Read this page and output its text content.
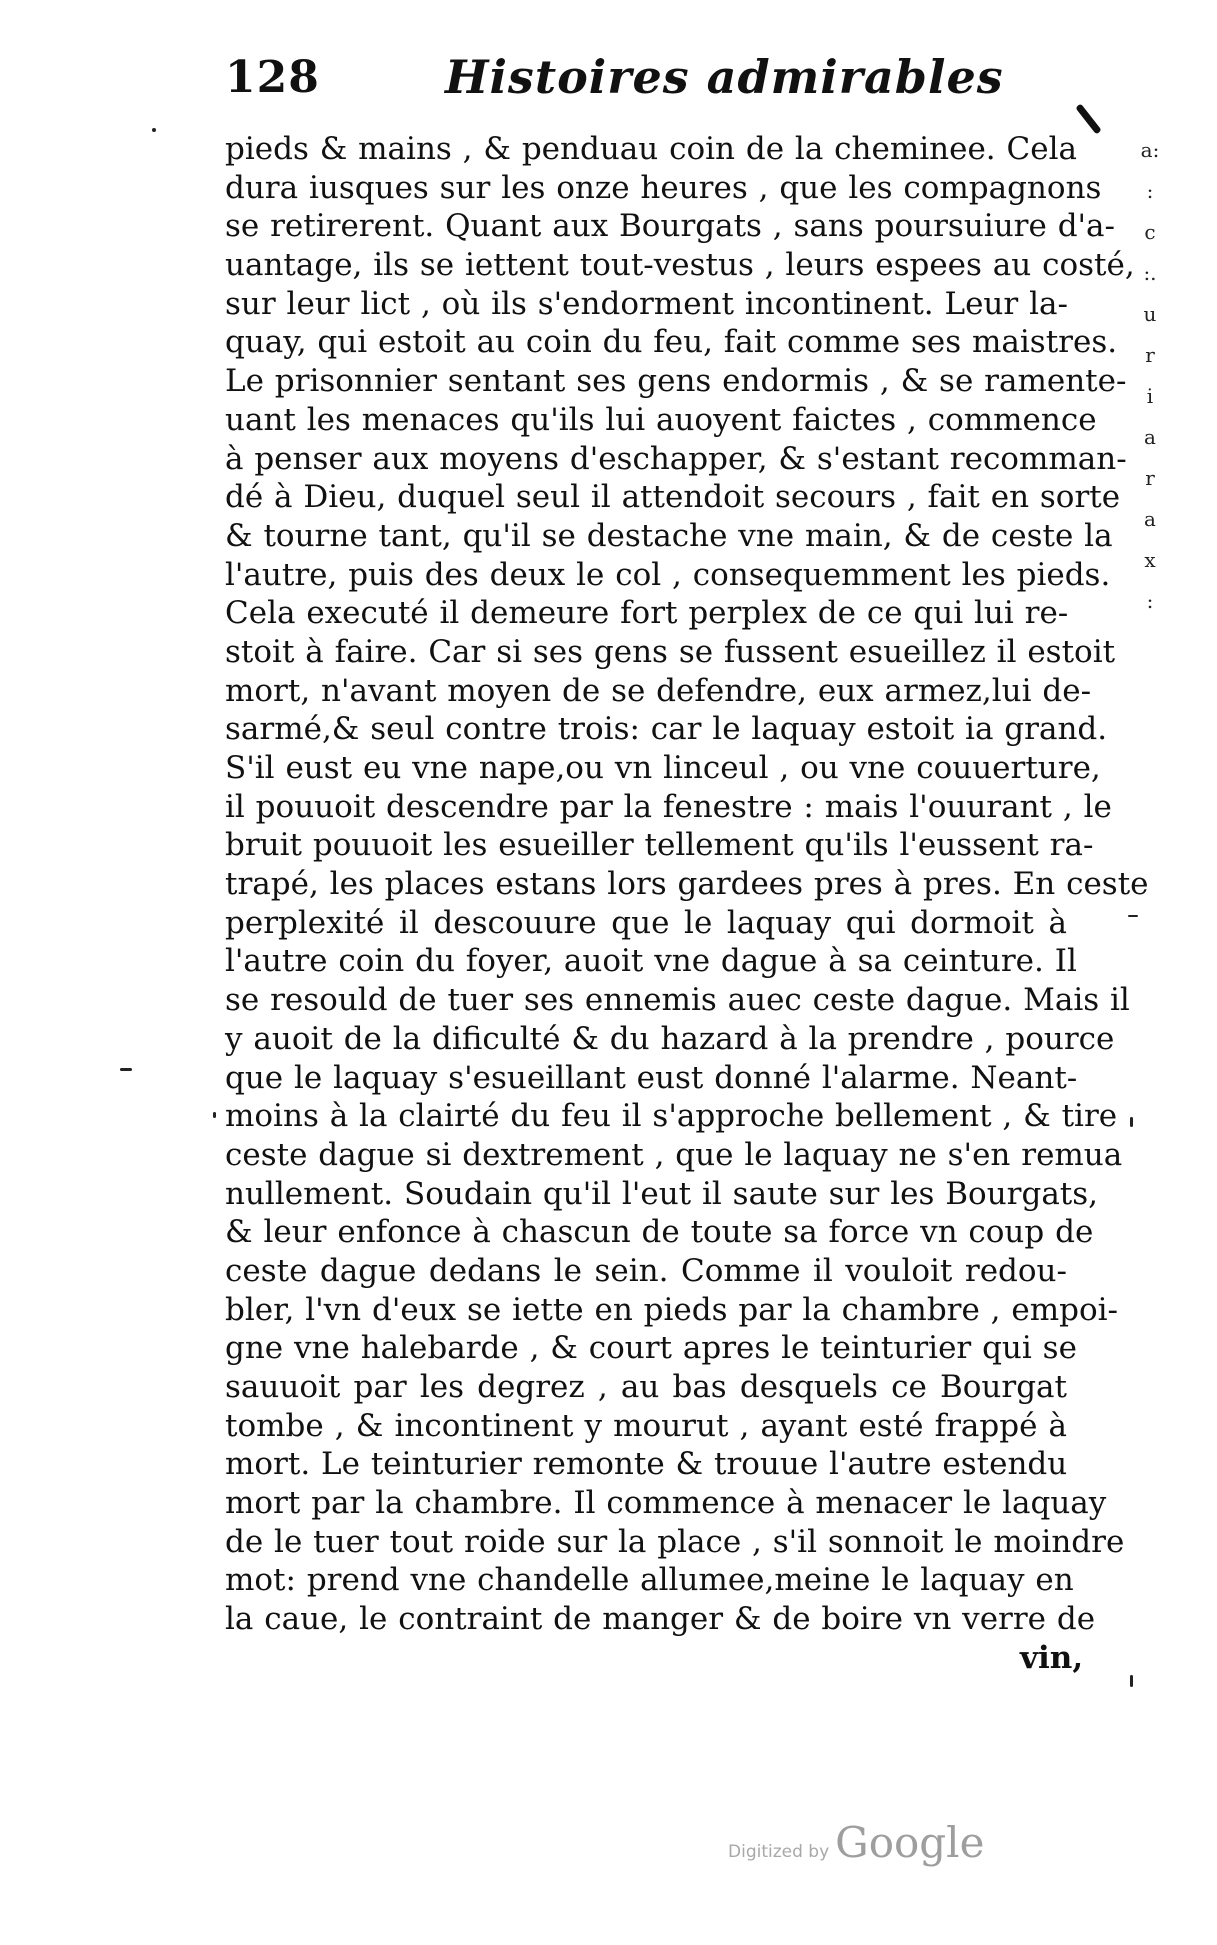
128	Histoires admirables
pieds & mains , & penduau coin de la cheminee. Cela
dura iusques sur les onze heures , que les compagnons
se retirerent. Quant aux Bourgats , sans poursuiure d'a-
uantage, ils se iettent tout-vestus , leurs espees au costé,
sur leur lict , où ils s'endorment incontinent. Leur la-
quay, qui estoit au coin du feu, fait comme ses maistres.
Le prisonnier sentant ses gens endormis , & se ramente-
uant les menaces qu'ils lui auoyent faictes , commence
à penser aux moyens d'eschapper, & s'estant recomman-
dé à Dieu, duquel seul il attendoit secours , fait en sorte
& tourne tant, qu'il se destache vne main, & de ceste la
l'autre, puis des deux le col , consequemment les pieds.
Cela executé il demeure fort perplex de ce qui lui re-
stoit à faire. Car si ses gens se fussent esueillez il estoit
mort, n'avant moyen de se defendre, eux armez,lui de-
sarmé,& seul contre trois: car le laquay estoit ia grand.
S'il eust eu vne nape,ou vn linceul , ou vne couuerture,
il pouuoit descendre par la fenestre : mais l'ouurant , le
bruit pouuoit les esueiller tellement qu'ils l'eussent ra-
trapé, les places estans lors gardees pres à pres. En ceste
perplexité il descouure que le laquay qui dormoit à
l'autre coin du foyer, auoit vne dague à sa ceinture. Il
se resould de tuer ses ennemis auec ceste dague. Mais il
y auoit de la dificulté & du hazard à la prendre , pource
que le laquay s'esueillant eust donné l'alarme. Neant-
moins à la clairté du feu il s'approche bellement , & tire
ceste dague si dextrement , que le laquay ne s'en remua
nullement. Soudain qu'il l'eut il saute sur les Bourgats,
& leur enfonce à chascun de toute sa force vn coup de
ceste dague dedans le sein. Comme il vouloit redou-
bler, l'vn d'eux se iette en pieds par la chambre , empoi-
gne vne halebarde , & court apres le teinturier qui se
sauuoit par les degrez , au bas desquels ce Bourgat
tombe , & incontinent y mourut , ayant esté frappé à
mort. Le teinturier remonte & trouue l'autre estendu
mort par la chambre. Il commence à menacer le laquay
de le tuer tout roide sur la place , s'il sonnoit le moindre
mot: prend vne chandelle allumee,meine le laquay en
la caue, le contraint de manger & de boire vn verre de
vin,
a:
:
c
:.
u
r
i
a
r
a
x
:
Digitized by Google
